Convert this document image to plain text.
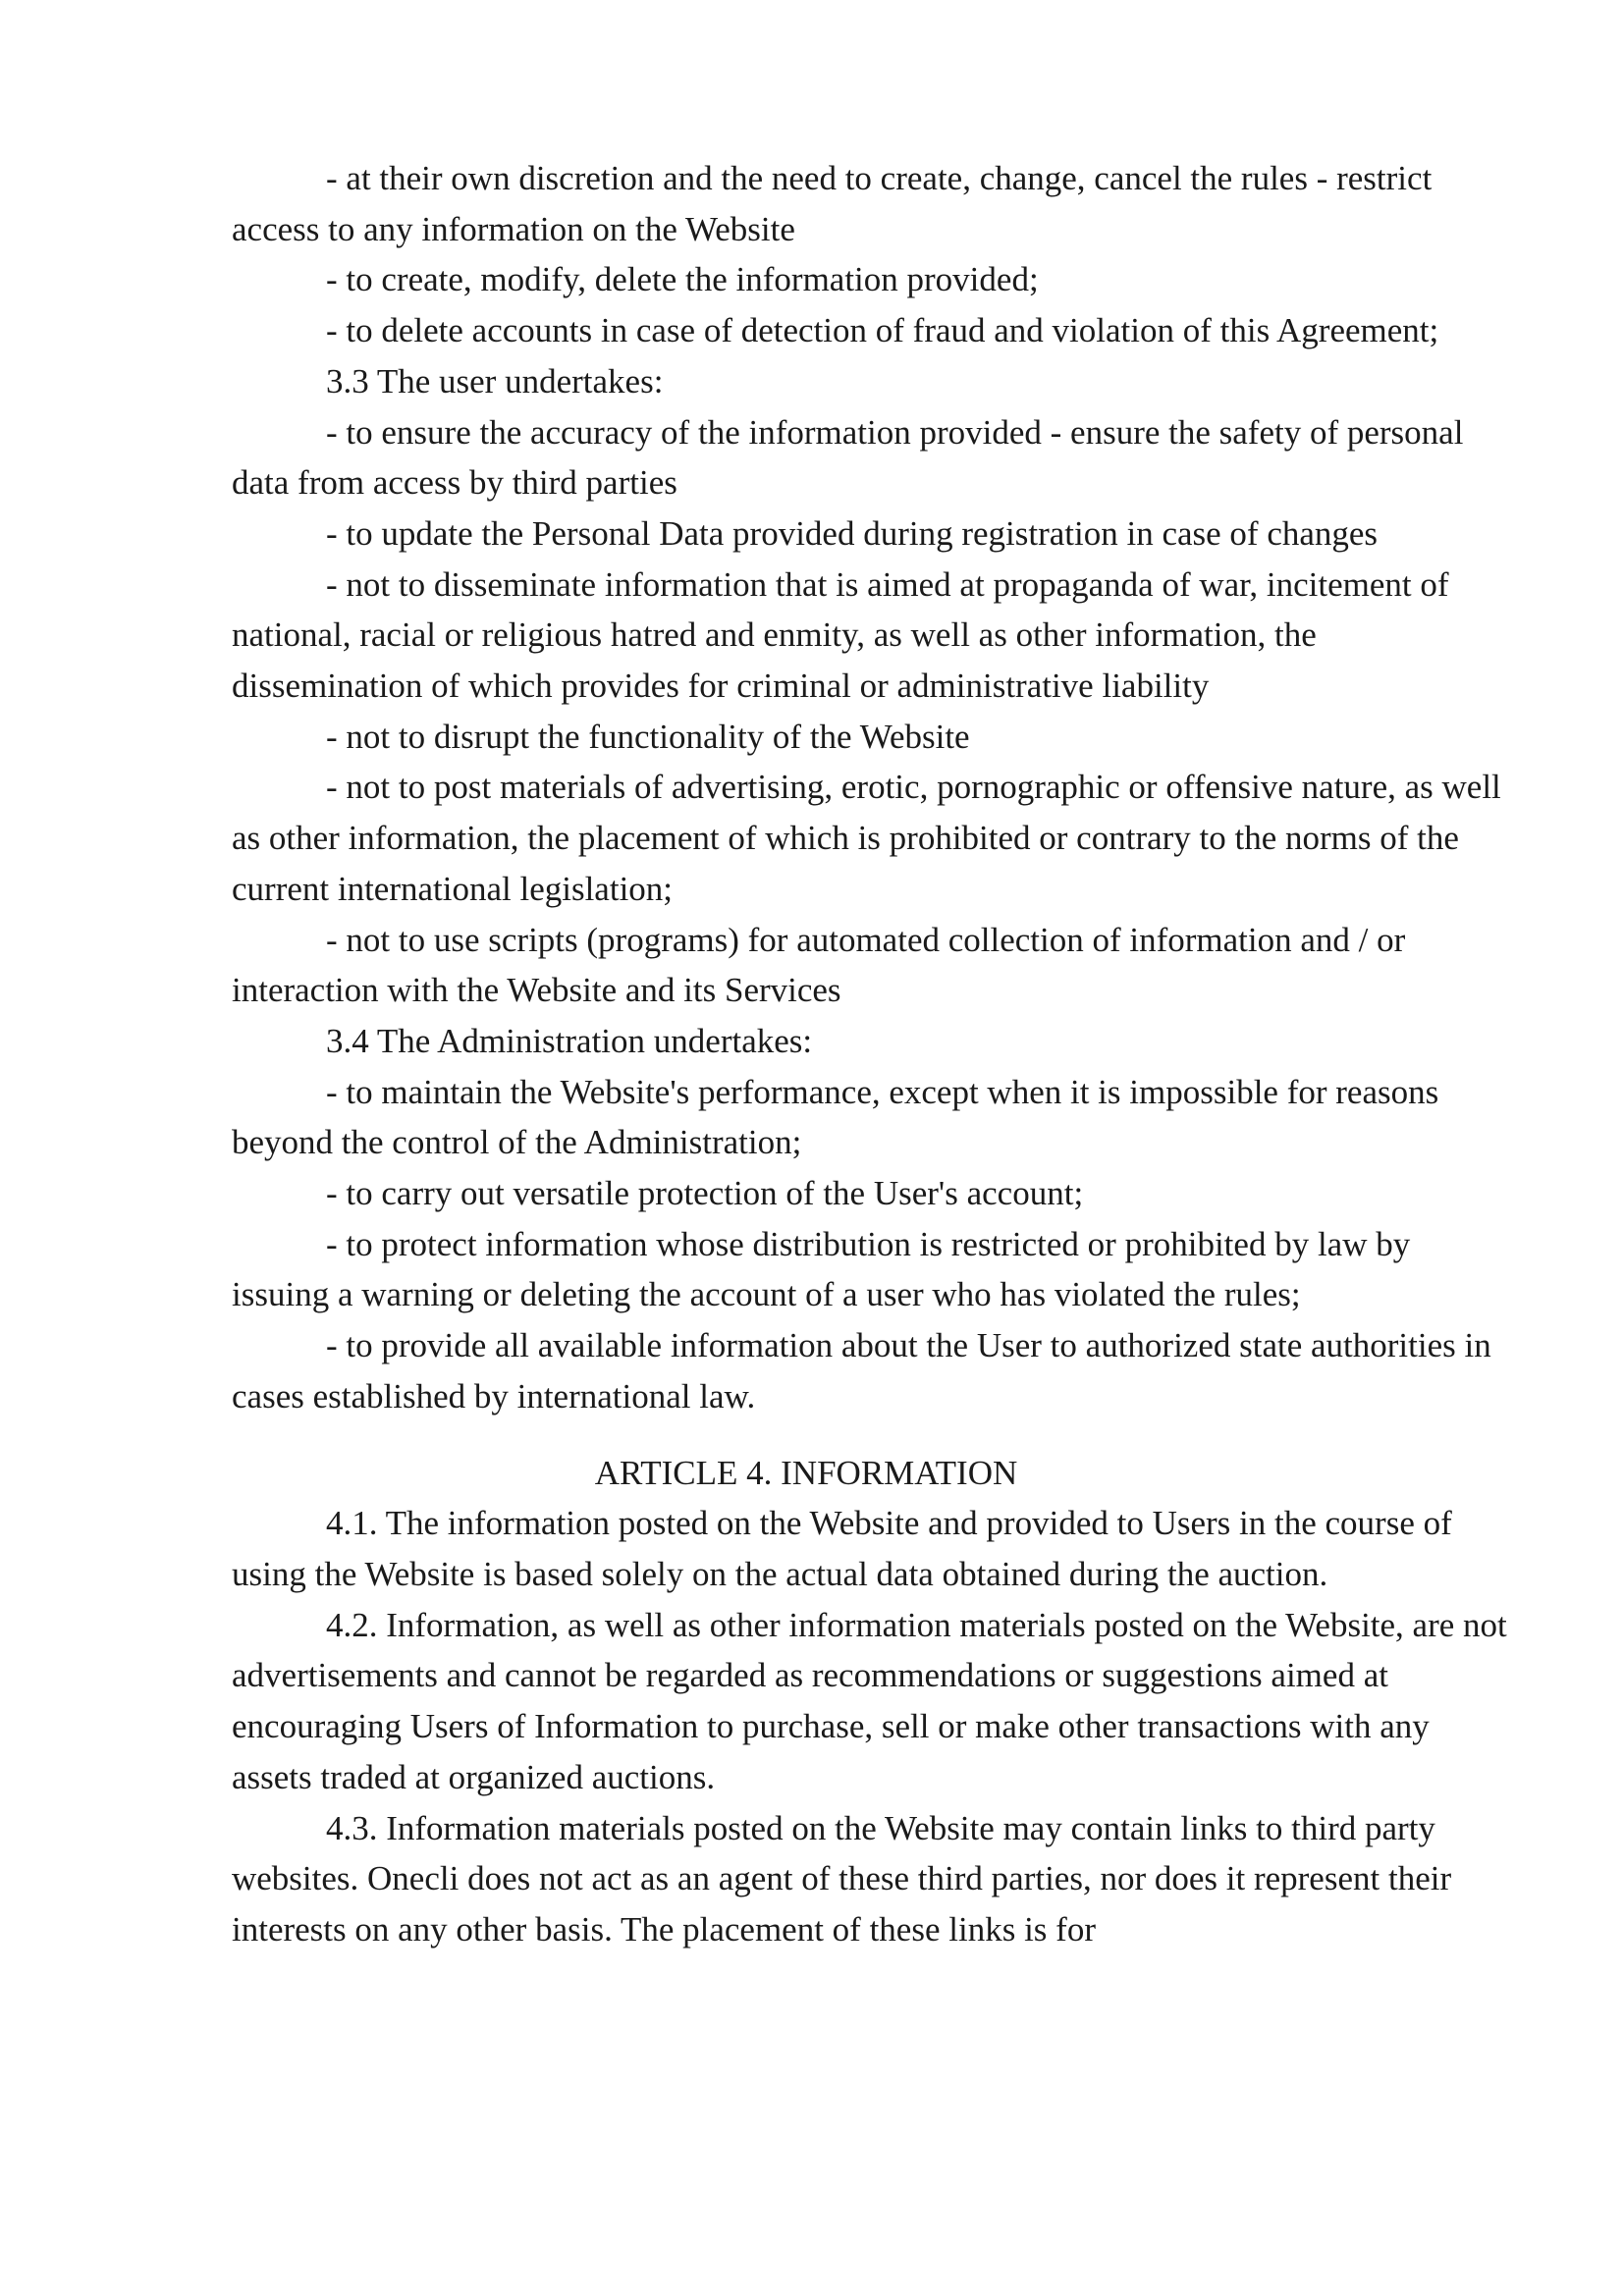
- at their own discretion and the need to create, change, cancel the rules - restrict access to any information on the Website

- to create, modify, delete the information provided;

- to delete accounts in case of detection of fraud and violation of this Agreement;

3.3 The user undertakes:

- to ensure the accuracy of the information provided - ensure the safety of personal data from access by third parties

- to update the Personal Data provided during registration in case of changes

- not to disseminate information that is aimed at propaganda of war, incitement of national, racial or religious hatred and enmity, as well as other information, the dissemination of which provides for criminal or administrative liability

- not to disrupt the functionality of the Website

- not to post materials of advertising, erotic, pornographic or offensive nature, as well as other information, the placement of which is prohibited or contrary to the norms of the current international legislation;

- not to use scripts (programs) for automated collection of information and / or interaction with the Website and its Services

3.4 The Administration undertakes:

- to maintain the Website's performance, except when it is impossible for reasons beyond the control of the Administration;

- to carry out versatile protection of the User's account;

- to protect information whose distribution is restricted or prohibited by law by issuing a warning or deleting the account of a user who has violated the rules;

- to provide all available information about the User to authorized state authorities in cases established by international law.

ARTICLE 4. INFORMATION

4.1. The information posted on the Website and provided to Users in the course of using the Website is based solely on the actual data obtained during the auction.

4.2. Information, as well as other information materials posted on the Website, are not advertisements and cannot be regarded as recommendations or suggestions aimed at encouraging Users of Information to purchase, sell or make other transactions with any assets traded at organized auctions.

4.3. Information materials posted on the Website may contain links to third party websites. Onecli does not act as an agent of these third parties, nor does it represent their interests on any other basis. The placement of these links is for
